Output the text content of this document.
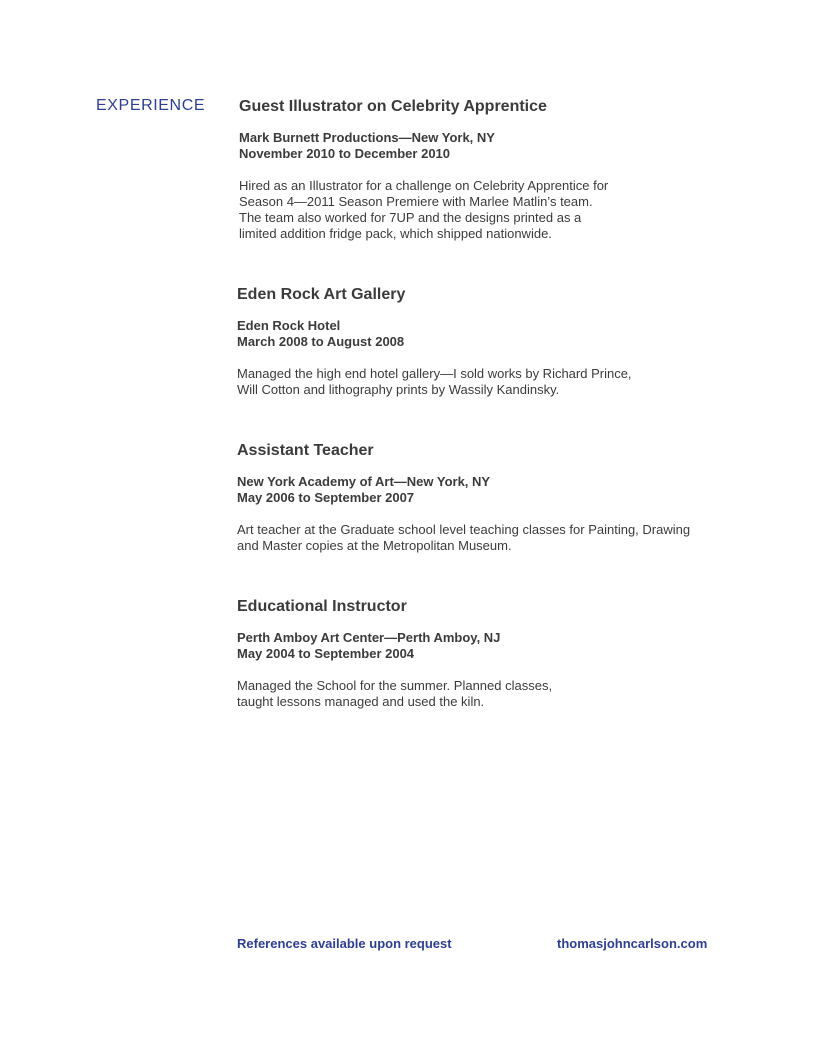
EXPERIENCE Guest Illustrator on Celebrity Apprentice

Mark Burnett Productions—New York, NY

November 2010 to December 2010

Hired as an Illustrator for a challenge on Celebrity Apprentice for
Season 4—2011 Season Premiere with Marlee Matlin’s team.
The team also worked for 7UP and the designs printed as a
limited addition fridge pack, which shipped nationwide.

Eden Rock Art Gallery

Eden Rock Hotel

March 2008 to August 2008

Managed the high end hotel gallery—I sold works by Richard Prince,
Will Cotton and lithography prints by Wassily Kandinsky.

Assistant Teacher

New York Academy of Art—New York, NY

May 2006 to September 2007

Art teacher at the Graduate school level teaching classes for Painting, Drawing
and Master copies at the Metropolitan Museum.

Educational Instructor

Perth Amboy Art Center—Perth Amboy, NJ

May 2004 to September 2004

Managed the School for the summer. Planned classes,
taught lessons managed and used the kiln.

References available upon request	thomasjohncarlson.com
